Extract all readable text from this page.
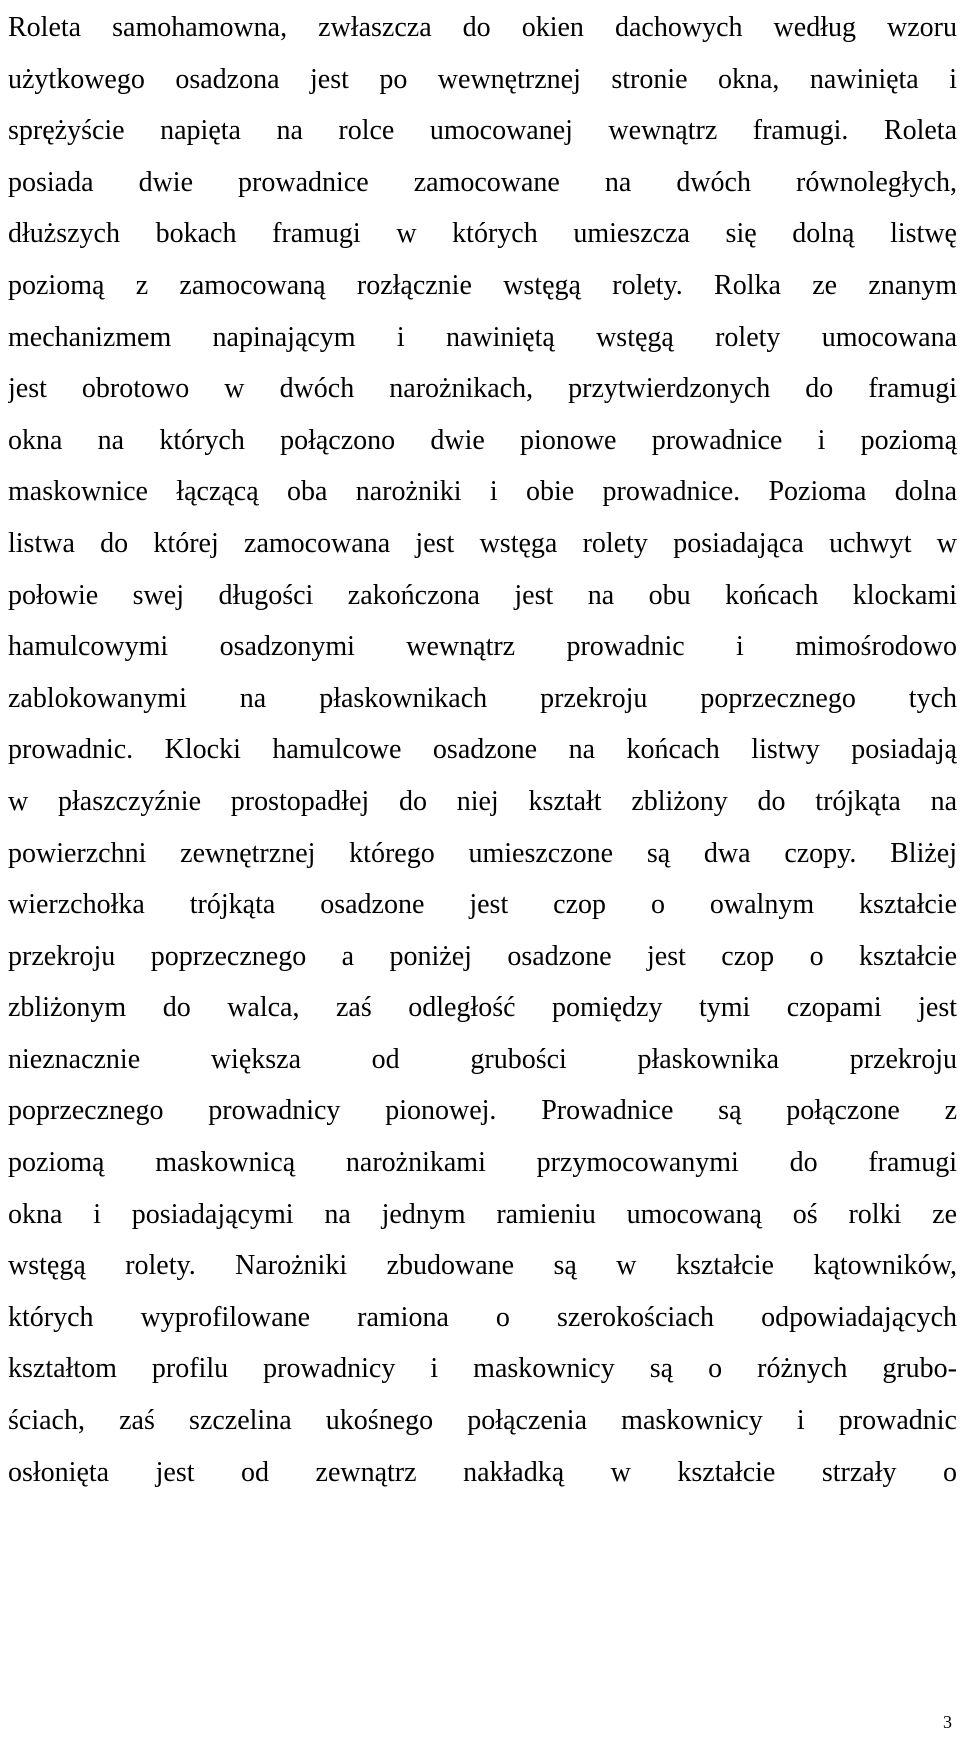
Roleta samohamowna, zwłaszcza do okien dachowych według wzoru
użytkowego osadzona jest po wewnętrznej stronie okna, nawinięta i
sprężyście napięta na rolce umocowanej wewnątrz framugi. Roleta
posiada dwie prowadnice zamocowane na dwóch równoległych,
dłuższych bokach framugi w których umieszcza się dolną listwę
poziomą z zamocowaną rozłącznie wstęgą rolety. Rolka ze znanym
mechanizmem napinającym i nawiniętą wstęgą rolety umocowana
jest obrotowo w dwóch narożnikach, przytwierdzonych do framugi
okna na których połączono dwie pionowe prowadnice i poziomą
maskownice łączącą oba narożniki i obie prowadnice. Pozioma dolna
listwa do której zamocowana jest wstęga rolety posiadająca uchwyt w
połowie swej długości zakończona jest na obu końcach klockami
hamulcowymi osadzonymi wewnątrz prowadnic i mimośrodowo
zablokowanymi na płaskownikach przekroju poprzecznego tych
prowadnic. Klocki hamulcowe osadzone na końcach listwy posiadają
w płaszczyźnie prostopadłej do niej kształt zbliżony do trójkąta na
powierzchni zewnętrznej którego umieszczone są dwa czopy. Bliżej
wierzchołka trójkąta osadzone jest czop o owalnym kształcie
przekroju poprzecznego a poniżej osadzone jest czop o kształcie
zbliżonym do walca, zaś odległość pomiędzy tymi czopami jest
nieznacznie większa od grubości płaskownika przekroju
poprzecznego prowadnicy pionowej. Prowadnice są połączone z
poziomą maskownicą narożnikami przymocowanymi do framugi
okna i posiadającymi na jednym ramieniu umocowaną oś rolki ze
wstęgą rolety. Narożniki zbudowane są w kształcie kątowników,
których wyprofilowane ramiona o szerokościach odpowiadających
kształtom profilu prowadnicy i maskownicy są o różnych grubo-
ściach, zaś szczelina ukośnego połączenia maskownicy i prowadnic
osłonięta jest od zewnątrz nakładką w kształcie strzały o
3
